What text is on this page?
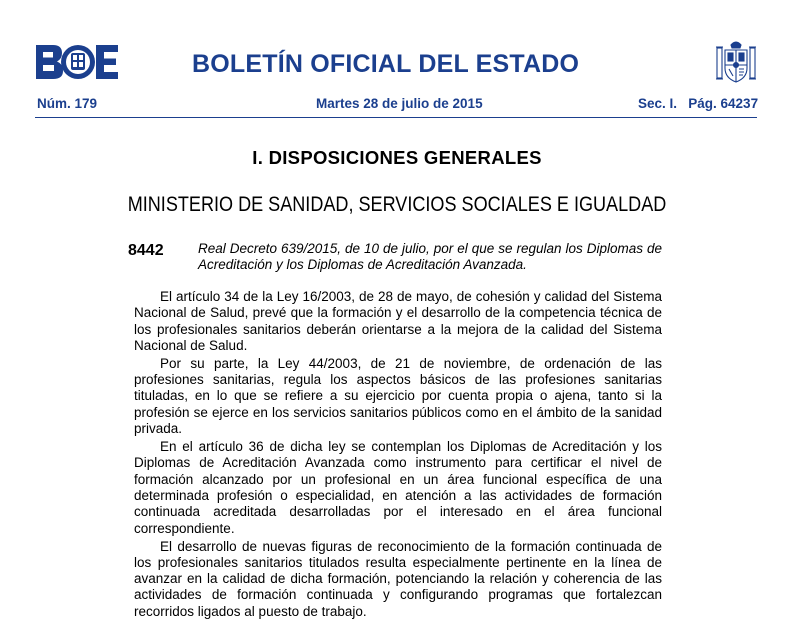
BOLETÍN OFICIAL DEL ESTADO
Núm. 179	Martes 28 de julio de 2015	Sec. I.   Pág. 64237
I. DISPOSICIONES GENERALES
MINISTERIO DE SANIDAD, SERVICIOS SOCIALES E IGUALDAD
8442	Real Decreto 639/2015, de 10 de julio, por el que se regulan los Diplomas de Acreditación y los Diplomas de Acreditación Avanzada.

El artículo 34 de la Ley 16/2003, de 28 de mayo, de cohesión y calidad del Sistema Nacional de Salud, prevé que la formación y el desarrollo de la competencia técnica de los profesionales sanitarios deberán orientarse a la mejora de la calidad del Sistema Nacional de Salud.

Por su parte, la Ley 44/2003, de 21 de noviembre, de ordenación de las profesiones sanitarias, regula los aspectos básicos de las profesiones sanitarias tituladas, en lo que se refiere a su ejercicio por cuenta propia o ajena, tanto si la profesión se ejerce en los servicios sanitarios públicos como en el ámbito de la sanidad privada.

En el artículo 36 de dicha ley se contemplan los Diplomas de Acreditación y los Diplomas de Acreditación Avanzada como instrumento para certificar el nivel de formación alcanzado por un profesional en un área funcional específica de una determinada profesión o especialidad, en atención a las actividades de formación continuada acreditada desarrolladas por el interesado en el área funcional correspondiente.

El desarrollo de nuevas figuras de reconocimiento de la formación continuada de los profesionales sanitarios titulados resulta especialmente pertinente en la línea de avanzar en la calidad de dicha formación, potenciando la relación y coherencia de las actividades de formación continuada y configurando programas que fortalezcan recorridos ligados al puesto de trabajo.
